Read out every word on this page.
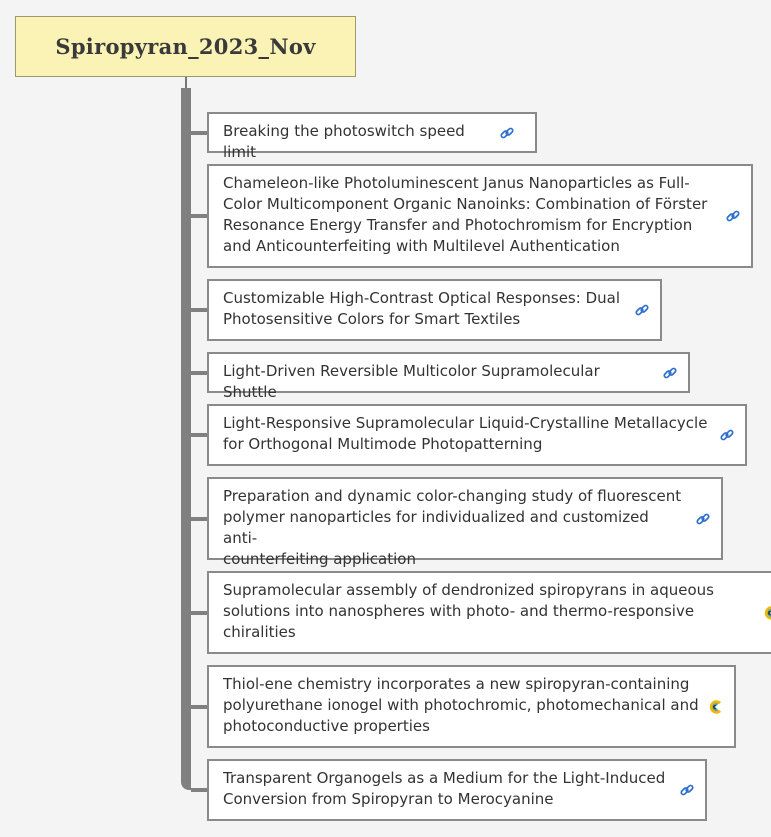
Spiropyran_2023_Nov
Breaking the photoswitch speed limit
Chameleon-like Photoluminescent Janus Nanoparticles as Full-
Color Multicomponent Organic Nanoinks: Combination of Förster
Resonance Energy Transfer and Photochromism for Encryption
and Anticounterfeiting with Multilevel Authentication
Customizable High-Contrast Optical Responses: Dual
Photosensitive Colors for Smart Textiles
Light-Driven Reversible Multicolor Supramolecular Shuttle
Light-Responsive Supramolecular Liquid-Crystalline Metallacycle
for Orthogonal Multimode Photopatterning
Preparation and dynamic color-changing study of fluorescent
polymer nanoparticles for individualized and customized anti-
counterfeiting application
Supramolecular assembly of dendronized spiropyrans in aqueous
solutions into nanospheres with photo- and thermo-responsive
chiralities
Thiol-ene chemistry incorporates a new spiropyran-containing
polyurethane ionogel with photochromic, photomechanical and
photoconductive properties
Transparent Organogels as a Medium for the Light-Induced
Conversion from Spiropyran to Merocyanine
